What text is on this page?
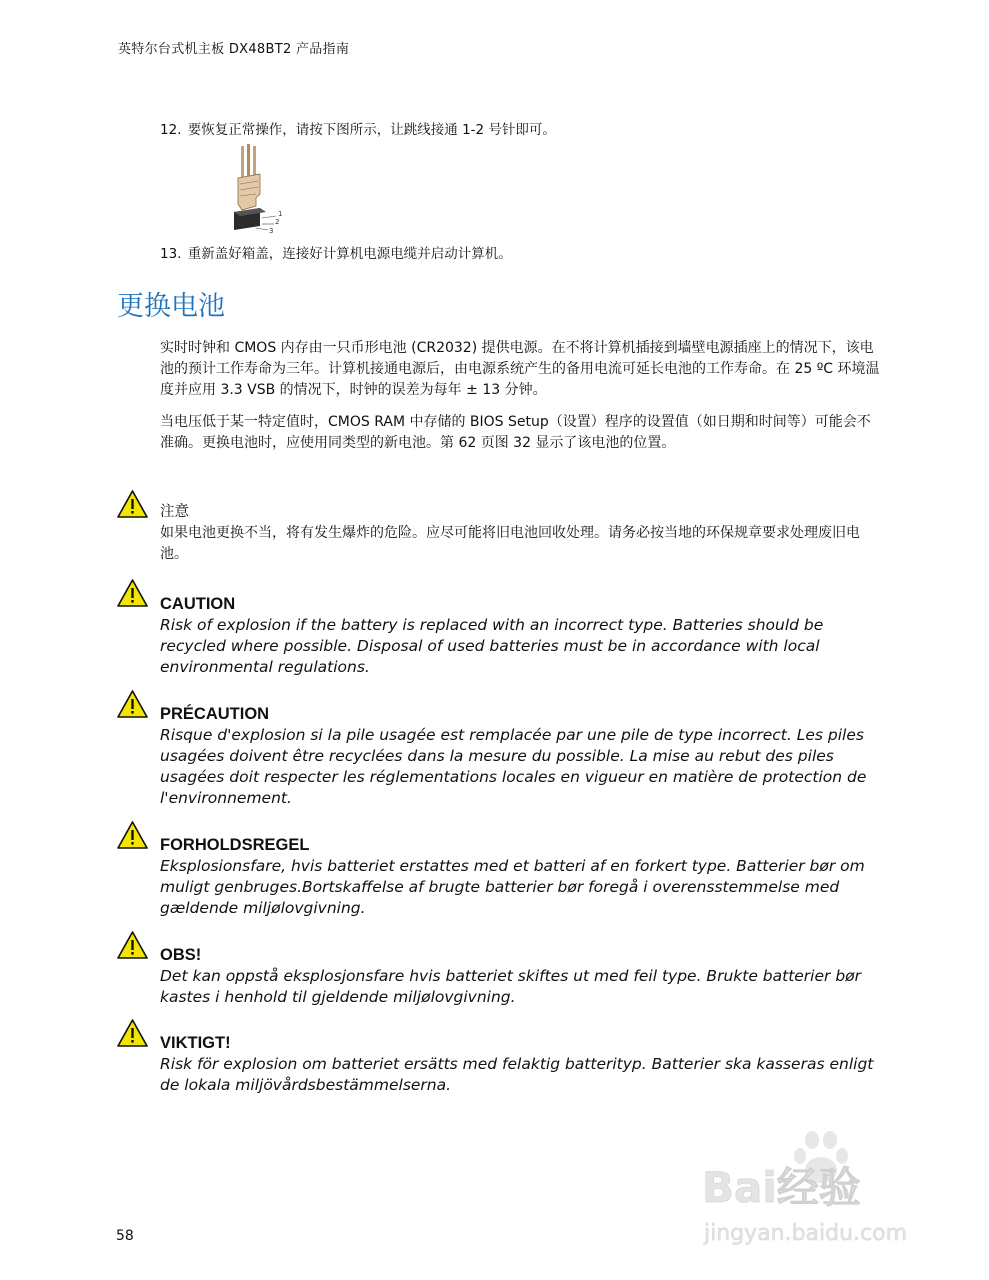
英特尔台式机主板 DX48BT2 产品指南
12. 要恢复正常操作，请按下图所示，让跳线接通 1-2 号针即可。
1
2
3
13. 重新盖好箱盖，连接好计算机电源电缆并启动计算机。
更换电池

实时时钟和 CMOS 内存由一只币形电池 (CR2032) 提供电源。在不将计算机插接到墙壁电源插座上的情况下，该电池的预计工作寿命为三年。计算机接通电源后，由电源系统产生的备用电流可延长电池的工作寿命。在 25 ºC 环境温度并应用 3.3 VSB 的情况下，时钟的误差为每年 ± 13 分钟。

当电压低于某一特定值时，CMOS RAM 中存储的 BIOS Setup（设置）程序的设置值（如日期和时间等）可能会不准确。更换电池时，应使用同类型的新电池。第 62 页图 32 显示了该电池的位置。

注意
如果电池更换不当，将有发生爆炸的危险。应尽可能将旧电池回收处理。请务必按当地的环保规章要求处理废旧电池。
CAUTION
Risk of explosion if the battery is replaced with an incorrect type. Batteries should be recycled where possible. Disposal of used batteries must be in accordance with local environmental regulations.
PRÉCAUTION
Risque d'explosion si la pile usagée est remplacée par une pile de type incorrect. Les piles usagées doivent être recyclées dans la mesure du possible. La mise au rebut des piles usagées doit respecter les réglementations locales en vigueur en matière de protection de l'environnement.
FORHOLDSREGEL
Eksplosionsfare, hvis batteriet erstattes med et batteri af en forkert type. Batterier bør om muligt genbruges.Bortskaffelse af brugte batterier bør foregå i overensstemmelse med gældende miljølovgivning.
OBS!
Det kan oppstå eksplosjonsfare hvis batteriet skiftes ut med feil type. Brukte batterier bør kastes i henhold til gjeldende miljølovgivning.
VIKTIGT!
Risk för explosion om batteriet ersätts med felaktig batterityp. Batterier ska kasseras enligt de lokala miljövårdsbestämmelserna.
58
Bai经验
jingyan.baidu.com
